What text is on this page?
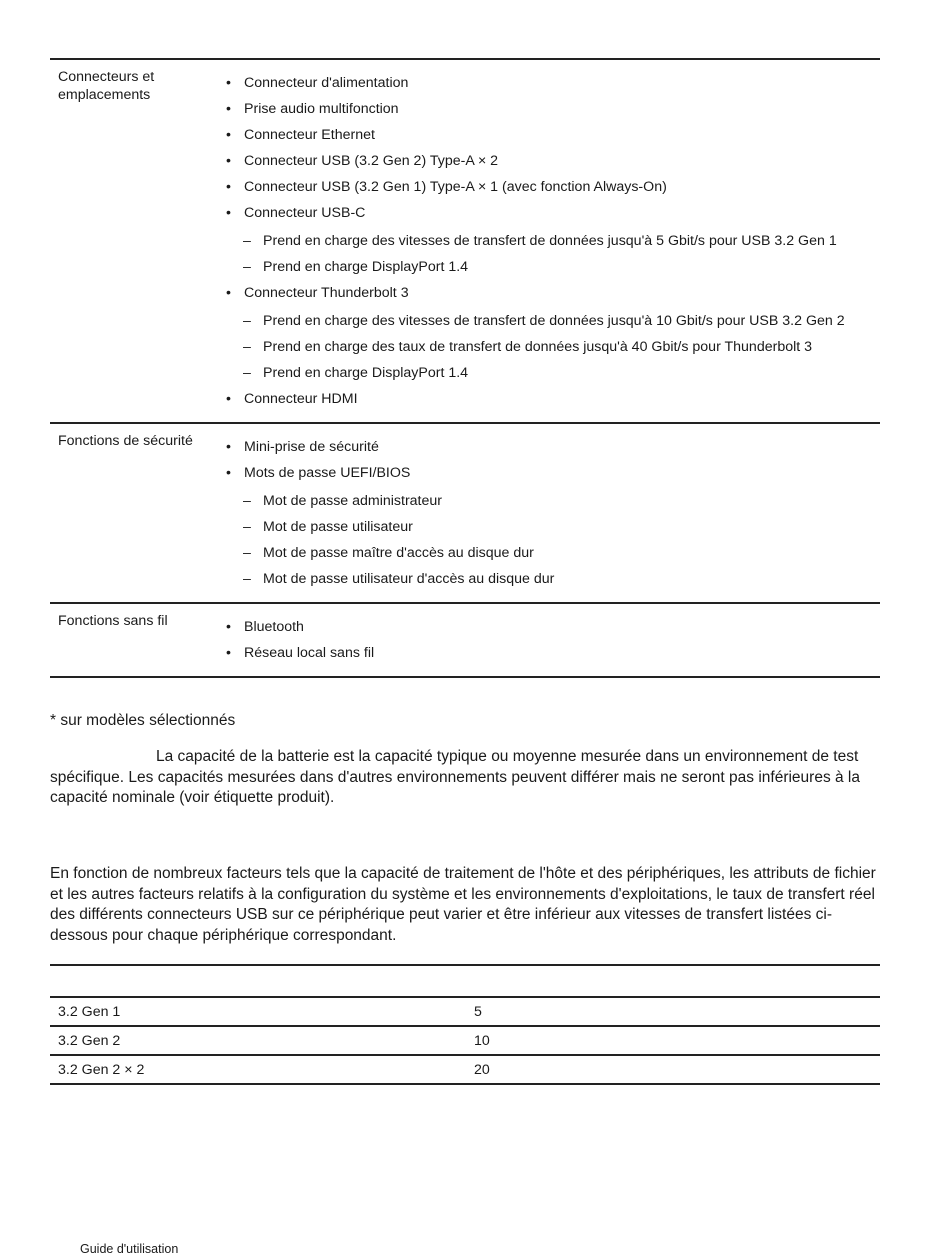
Connecteurs et emplacements
• Connecteur d'alimentation
• Prise audio multifonction
• Connecteur Ethernet
• Connecteur USB (3.2 Gen 2) Type-A × 2
• Connecteur USB (3.2 Gen 1) Type-A × 1 (avec fonction Always-On)
• Connecteur USB-C
– Prend en charge des vitesses de transfert de données jusqu'à 5 Gbit/s pour USB 3.2 Gen 1
– Prend en charge DisplayPort 1.4
• Connecteur Thunderbolt 3
– Prend en charge des vitesses de transfert de données jusqu'à 10 Gbit/s pour USB 3.2 Gen 2
– Prend en charge des taux de transfert de données jusqu'à 40 Gbit/s pour Thunderbolt 3
– Prend en charge DisplayPort 1.4
• Connecteur HDMI
Fonctions de sécurité	• Mini-prise de sécurité
• Mots de passe UEFI/BIOS
– Mot de passe administrateur
– Mot de passe utilisateur
– Mot de passe maître d'accès au disque dur
– Mot de passe utilisateur d'accès au disque dur
Fonctions sans fil	• Bluetooth
• Réseau local sans fil
* sur modèles sélectionnés

La capacité de la batterie est la capacité typique ou moyenne mesurée dans un environnement de test spécifique. Les capacités mesurées dans d'autres environnements peuvent différer mais ne seront pas inférieures à la capacité nominale (voir étiquette produit).

En fonction de nombreux facteurs tels que la capacité de traitement de l'hôte et des périphériques, les attributs de fichier et les autres facteurs relatifs à la configuration du système et les environnements d'exploitations, le taux de transfert réel des différents connecteurs USB sur ce périphérique peut varier et être inférieur aux vitesses de transfert listées ci-dessous pour chaque périphérique correspondant.

3.2 Gen 1	5
3.2 Gen 2	10
3.2 Gen 2 × 2	20
Guide d'utilisation
